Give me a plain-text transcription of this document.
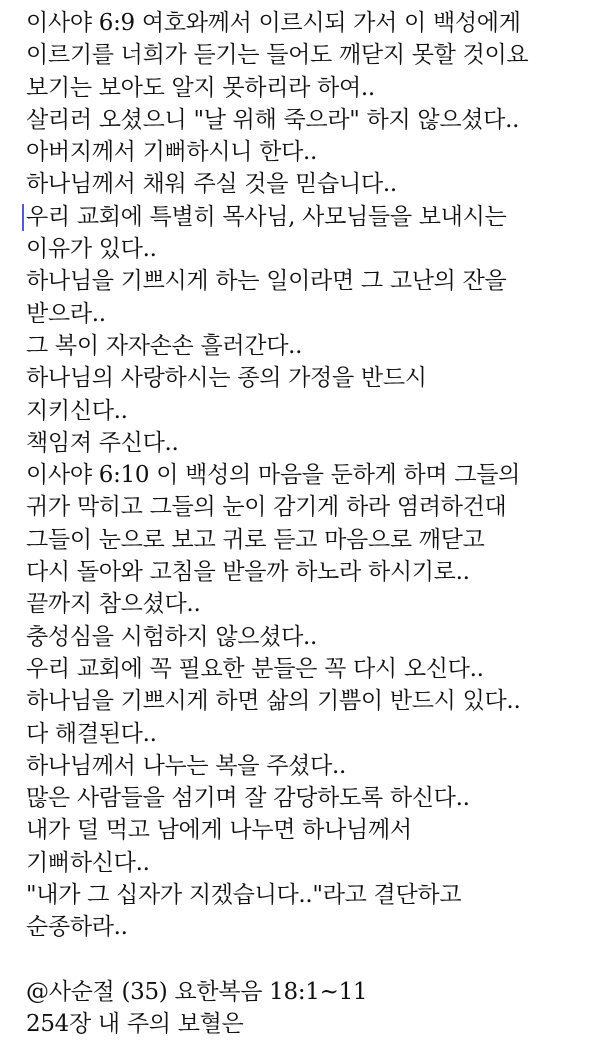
이사야 6:9 여호와께서 이르시되 가서 이 백성에게
이르기를 너희가 듣기는 들어도 깨닫지 못할 것이요
보기는 보아도 알지 못하리라 하여..
살리러 오셨으니 "날 위해 죽으라" 하지 않으셨다..
아버지께서 기뻐하시니 한다..
하나님께서 채워 주실 것을 믿습니다..
우리 교회에 특별히 목사님, 사모님들을 보내시는
이유가 있다..
하나님을 기쁘시게 하는 일이라면 그 고난의 잔을
받으라..
그 복이 자자손손 흘러간다..
하나님의 사랑하시는 종의 가정을 반드시
지키신다..
책임져 주신다..
이사야 6:10 이 백성의 마음을 둔하게 하며 그들의
귀가 막히고 그들의 눈이 감기게 하라 염려하건대
그들이 눈으로 보고 귀로 듣고 마음으로 깨닫고
다시 돌아와 고침을 받을까 하노라 하시기로..
끝까지 참으셨다..
충성심을 시험하지 않으셨다..
우리 교회에 꼭 필요한 분들은 꼭 다시 오신다..
하나님을 기쁘시게 하면 삶의 기쁨이 반드시 있다..
다 해결된다..
하나님께서 나누는 복을 주셨다..
많은 사람들을 섬기며 잘 감당하도록 하신다..
내가 덜 먹고 남에게 나누면 하나님께서
기뻐하신다..
"내가 그 십자가 지겠습니다.."라고 결단하고
순종하라..
@사순절 (35) 요한복음 18:1~11
254장 내 주의 보혈은
